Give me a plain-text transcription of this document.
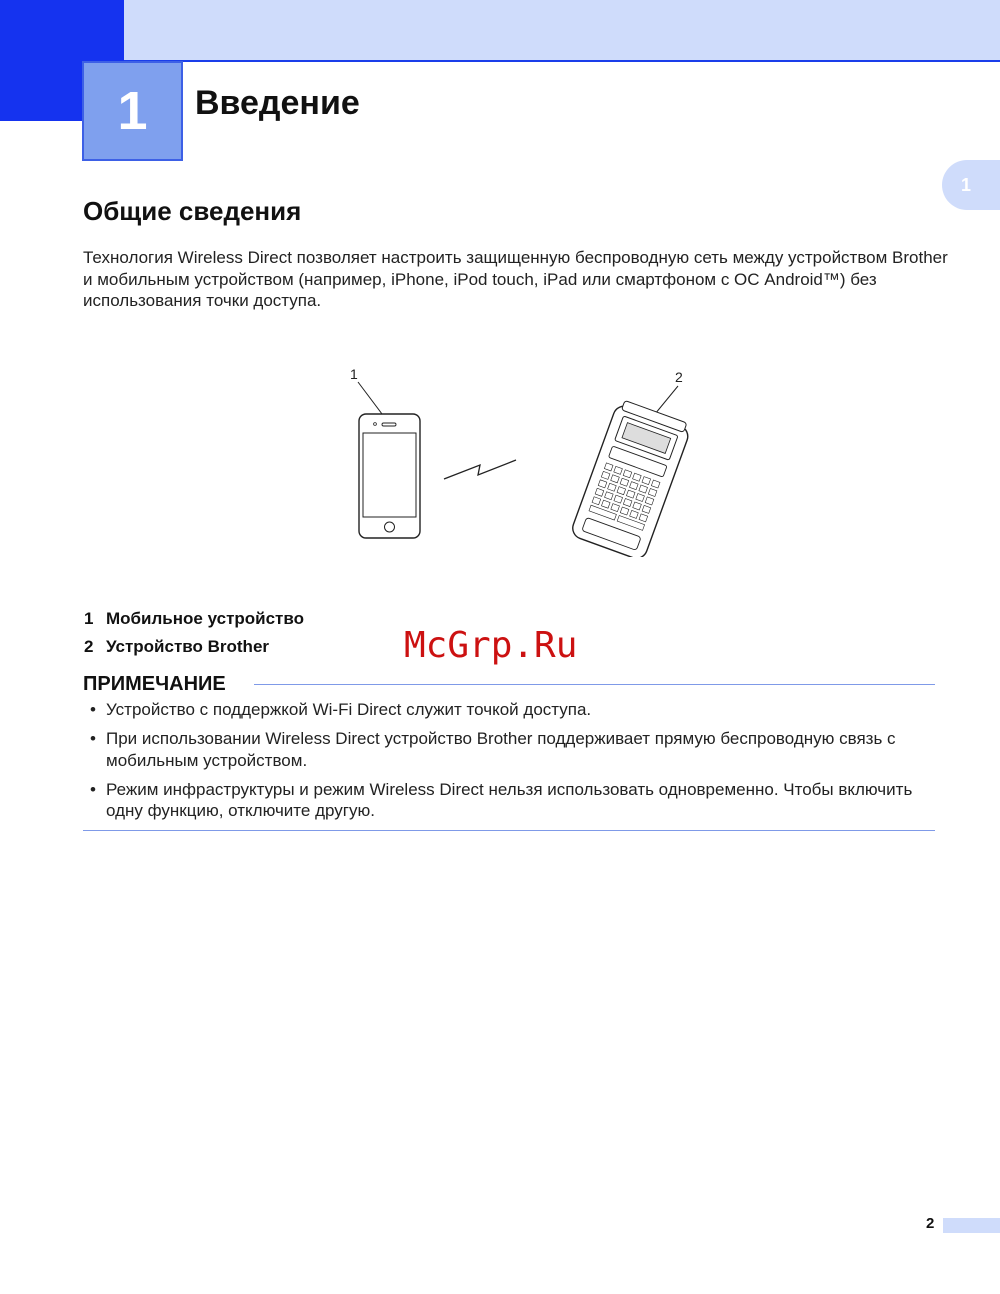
1	Введение
1
Общие сведения

Технология Wireless Direct позволяет настроить защищенную беспроводную сеть между устройством Brother и мобильным устройством (например, iPhone, iPod touch, iPad или смартфоном с ОС Android™) без использования точки доступа.

1	2

1 Мобильное устройство

2 Устройство Brother	McGrp.Ru
ПРИМЕЧАНИЕ
• Устройство с поддержкой Wi-Fi Direct служит точкой доступа.
• При использовании Wireless Direct устройство Brother поддерживает прямую беспроводную связь с мобильным устройством.
• Режим инфраструктуры и режим Wireless Direct нельзя использовать одновременно. Чтобы включить одну функцию, отключите другую.
2
